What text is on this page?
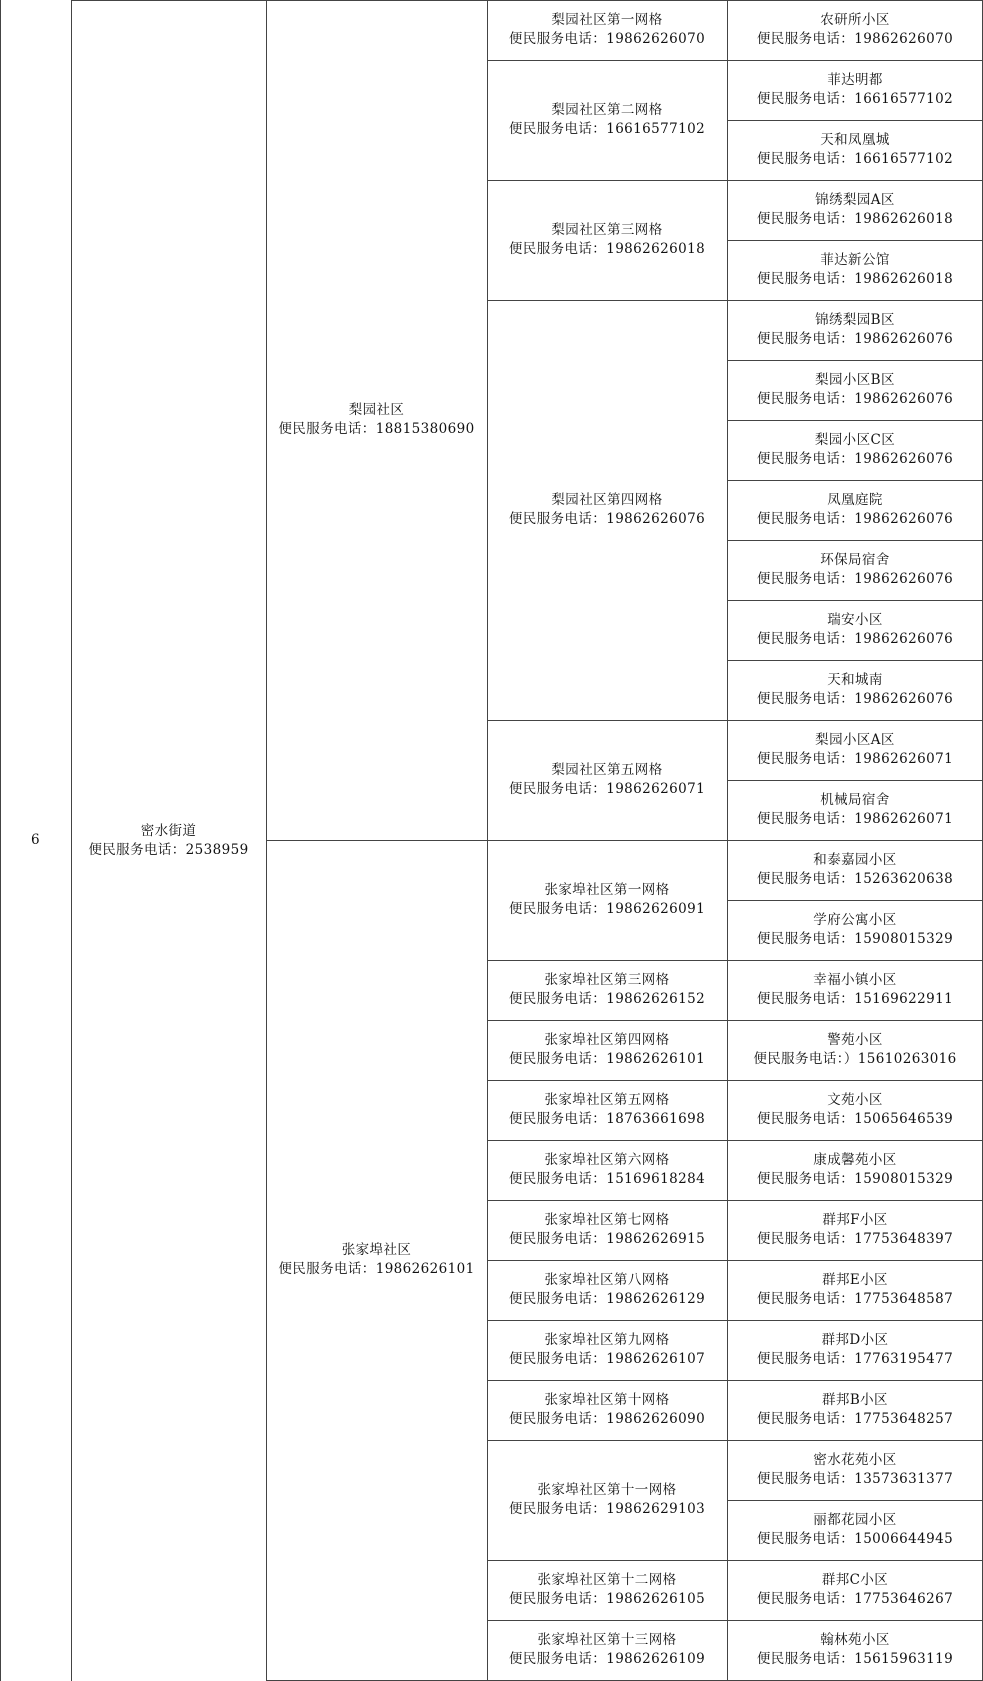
农研所小区
便民服务电话：19862626070
梨园社区第一网格
便民服务电话：19862626070
菲达明都
便民服务电话：16616577102
天和凤凰城
便民服务电话：16616577102
梨园社区第二网格
便民服务电话：16616577102
锦绣梨园A区
便民服务电话：19862626018
菲达新公馆
便民服务电话：19862626018
梨园社区第三网格
便民服务电话：19862626018
锦绣梨园B区
便民服务电话：19862626076
梨园小区B区
便民服务电话：19862626076
梨园小区C区
便民服务电话：19862626076
凤凰庭院
便民服务电话：19862626076
环保局宿舍
便民服务电话：19862626076
瑞安小区
便民服务电话：19862626076
天和城南
便民服务电话：19862626076
梨园社区第四网格
便民服务电话：19862626076
梨园小区A区
便民服务电话：19862626071
机械局宿舍
便民服务电话：19862626071
梨园社区第五网格
便民服务电话：19862626071
梨园社区
便民服务电话：18815380690
和泰嘉园小区
便民服务电话：15263620638
学府公寓小区
便民服务电话：15908015329
张家埠社区第一网格
便民服务电话：19862626091
幸福小镇小区
便民服务电话：15169622911
张家埠社区第三网格
便民服务电话：19862626152
警苑小区
便民服务电话：）15610263016
张家埠社区第四网格
便民服务电话：19862626101
文苑小区
便民服务电话：15065646539
张家埠社区第五网格
便民服务电话：18763661698
康成馨苑小区
便民服务电话：15908015329
张家埠社区第六网格
便民服务电话：15169618284
群邦F小区
便民服务电话：17753648397
张家埠社区第七网格
便民服务电话：19862626915
群邦E小区
便民服务电话：17753648587
张家埠社区第八网格
便民服务电话：19862626129
群邦D小区
便民服务电话：17763195477
张家埠社区第九网格
便民服务电话：19862626107
群邦B小区
便民服务电话：17753648257
张家埠社区第十网格
便民服务电话：19862626090
密水花苑小区
便民服务电话：13573631377
丽都花园小区
便民服务电话：15006644945
张家埠社区第十一网格
便民服务电话：19862629103
群邦C小区
便民服务电话：17753646267
张家埠社区第十二网格
便民服务电话：19862626105
翰林苑小区
便民服务电话：15615963119
张家埠社区第十三网格
便民服务电话：19862626109
张家埠社区
便民服务电话：19862626101
6
密水街道
便民服务电话：2538959
